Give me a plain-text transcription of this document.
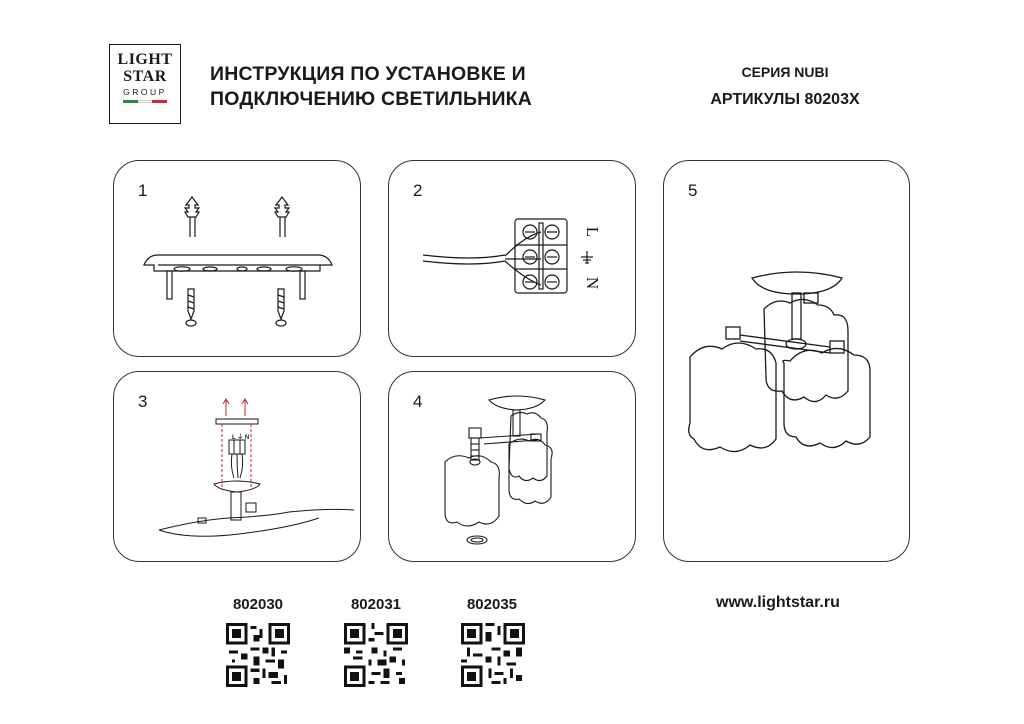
LIGHT
STAR
GROUP
ИНСТРУКЦИЯ ПО УСТАНОВКЕ И
ПОДКЛЮЧЕНИЮ СВЕТИЛЬНИКА
СЕРИЯ NUBI
АРТИКУЛЫ 80203X
1	2
L
N
3
L ⏚ N
4
5
802030	802031	802035	www.lightstar.ru
